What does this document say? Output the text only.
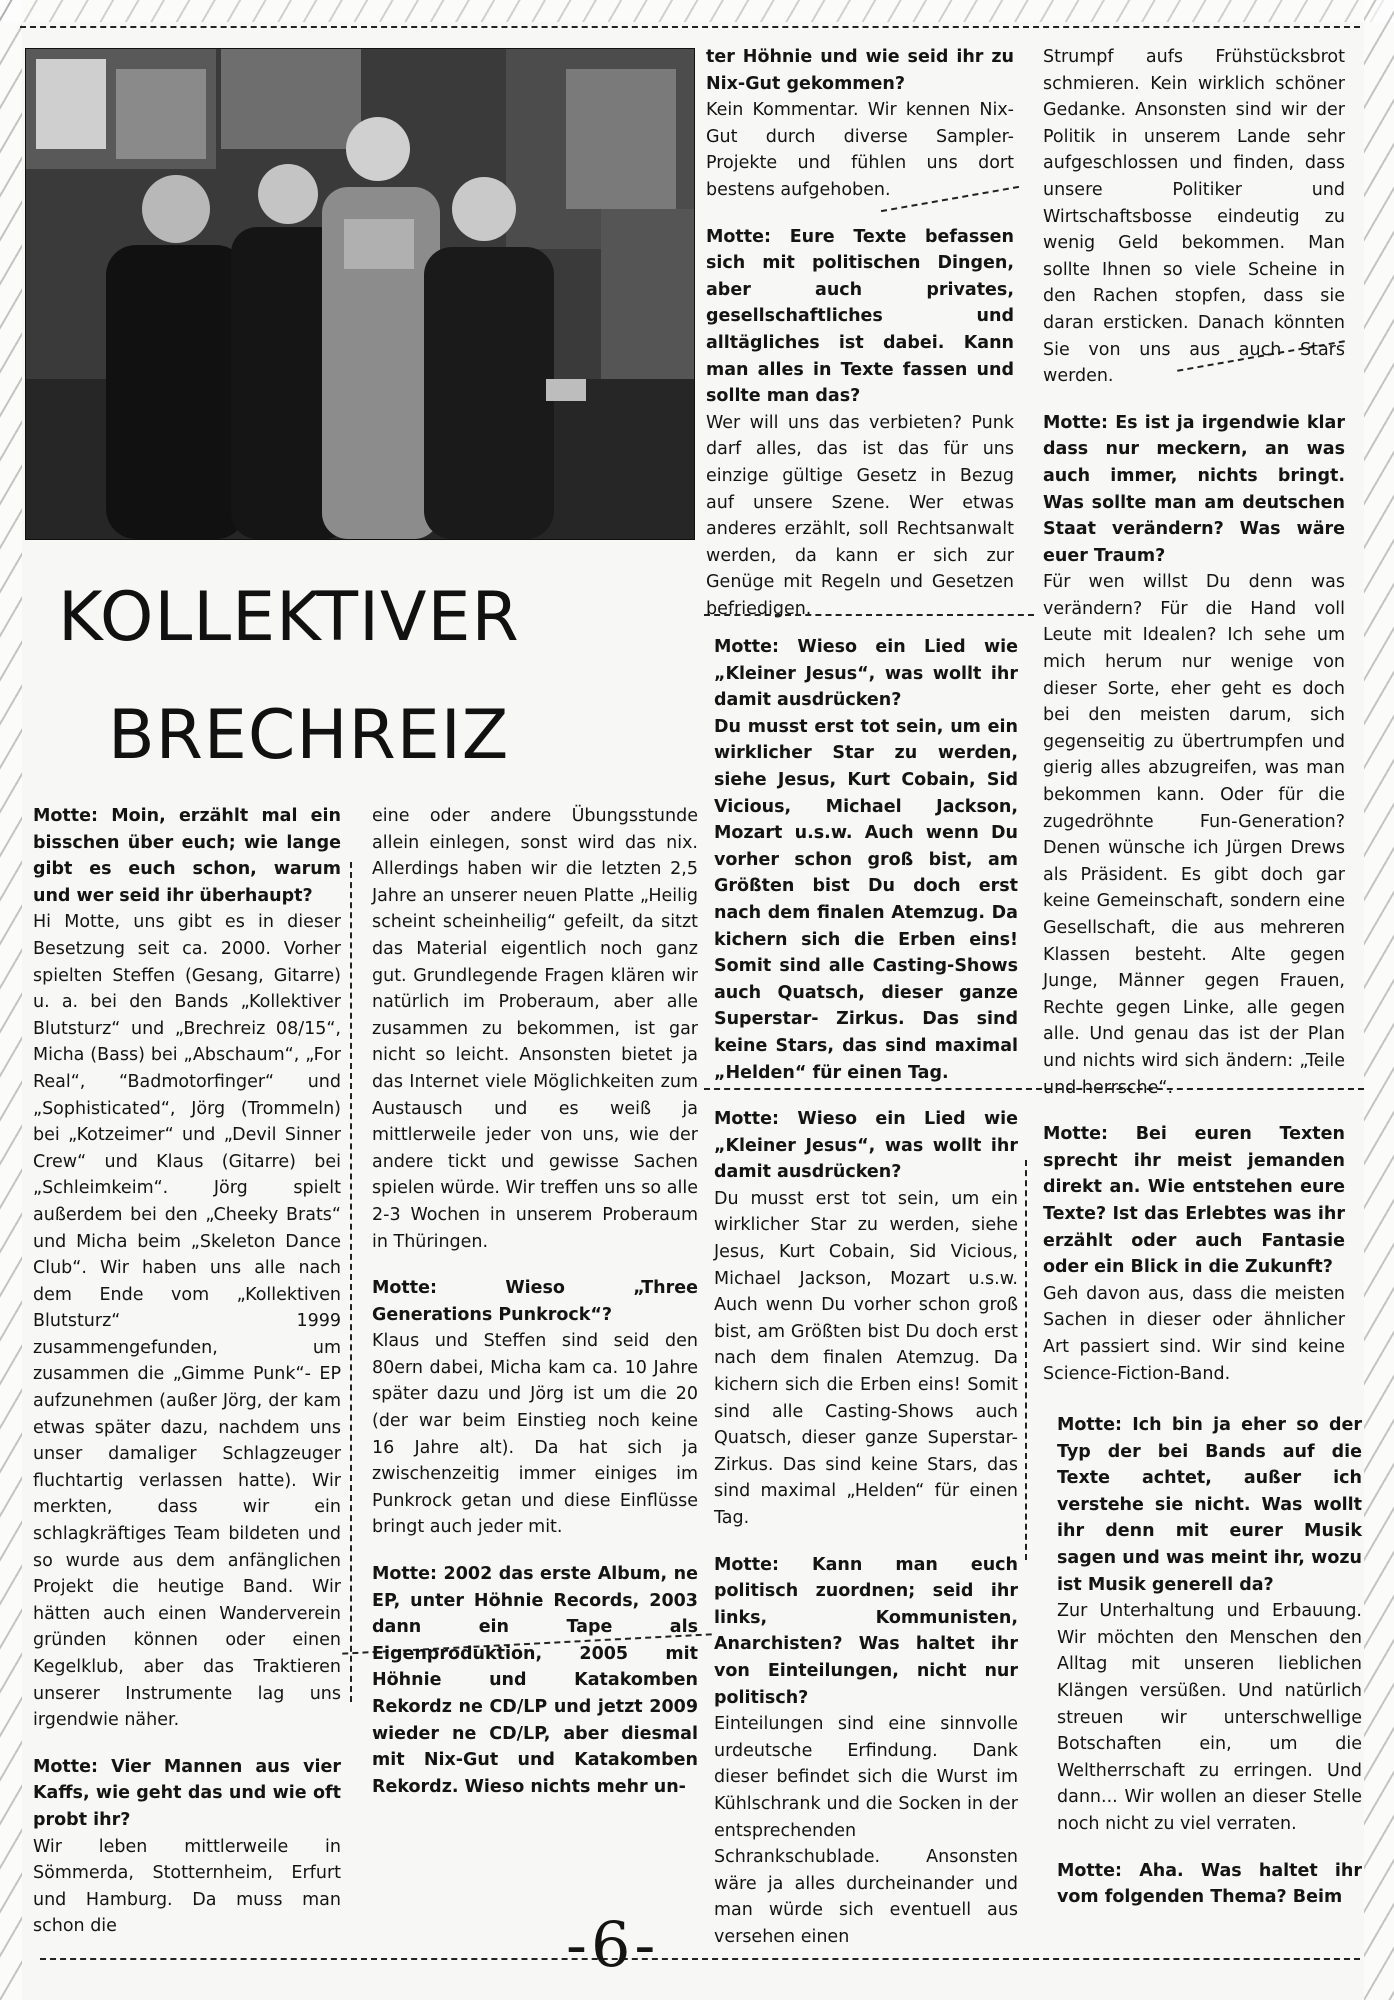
KOLLEKTIVER
BRECHREIZ

Motte: Moin, erzählt mal ein bisschen über euch; wie lange gibt es euch schon, warum und wer seid ihr überhaupt?
Hi Motte, uns gibt es in dieser Besetzung seit ca. 2000. Vorher spielten Steffen (Gesang, Gitarre) u. a. bei den Bands „Kollektiver Blutsturz“ und „Brechreiz 08/15“, Micha (Bass) bei „Abschaum“, „For Real“, “Badmotorfinger“ und „Sophisticated“, Jörg (Trommeln) bei „Kotzeimer“ und „Devil Sinner Crew“ und Klaus (Gitarre) bei „Schleimkeim“. Jörg spielt außerdem bei den „Cheeky Brats“ und Micha beim „Skeleton Dance Club“. Wir haben uns alle nach dem Ende vom „Kollektiven Blutsturz“ 1999 zusammengefunden, um zusammen die „Gimme Punk“- EP aufzunehmen (außer Jörg, der kam etwas später dazu, nachdem uns unser damaliger Schlagzeuger fluchtartig verlassen hatte). Wir merkten, dass wir ein schlagkräftiges Team bildeten und so wurde aus dem anfänglichen Projekt die heutige Band. Wir hätten auch einen Wanderverein gründen können oder einen Kegelklub, aber das Traktieren unserer Instrumente lag uns irgendwie näher.

Motte: Vier Mannen aus vier Kaffs, wie geht das und wie oft probt ihr?
Wir leben mittlerweile in Sömmerda, Stotternheim, Erfurt und Hamburg. Da muss man schon die

eine oder andere Übungsstunde allein einlegen, sonst wird das nix. Allerdings haben wir die letzten 2,5 Jahre an unserer neuen Platte „Heilig scheint scheinheilig“ gefeilt, da sitzt das Material eigentlich noch ganz gut. Grundlegende Fragen klären wir natürlich im Proberaum, aber alle zusammen zu bekommen, ist gar nicht so leicht. Ansonsten bietet ja das Internet viele Möglichkeiten zum Austausch und es weiß ja mittlerweile jeder von uns, wie der andere tickt und gewisse Sachen spielen würde. Wir treffen uns so alle 2-3 Wochen in unserem Proberaum in Thüringen.

Motte: Wieso „Three Generations Punkrock“?
Klaus und Steffen sind seid den 80ern dabei, Micha kam ca. 10 Jahre später dazu und Jörg ist um die 20 (der war beim Einstieg noch keine 16 Jahre alt). Da hat sich ja zwischenzeitig immer einiges im Punkrock getan und diese Einflüsse bringt auch jeder mit.

Motte: 2002 das erste Album, ne EP, unter Höhnie Records, 2003 dann ein Tape als Eigenproduktion, 2005 mit Höhnie und Katakomben Rekordz ne CD/LP und jetzt 2009 wieder ne CD/LP, aber diesmal mit Nix-Gut und Katakomben Rekordz. Wieso nichts mehr un-

ter Höhnie und wie seid ihr zu Nix-Gut gekommen?
Kein Kommentar. Wir kennen Nix-Gut durch diverse Sampler-Projekte und fühlen uns dort bestens aufgehoben.

Motte: Eure Texte befassen sich mit politischen Dingen, aber auch privates, gesellschaftliches und alltägliches ist dabei. Kann man alles in Texte fassen und sollte man das?
Wer will uns das verbieten? Punk darf alles, das ist das für uns einzige gültige Gesetz in Bezug auf unsere Szene. Wer etwas anderes erzählt, soll Rechtsanwalt werden, da kann er sich zur Genüge mit Regeln und Gesetzen befriedigen.

Motte: Wieso ein Lied wie „Kleiner Jesus“, was wollt ihr damit ausdrücken?
Du musst erst tot sein, um ein wirklicher Star zu werden, siehe Jesus, Kurt Cobain, Sid Vicious, Michael Jackson, Mozart u.s.w. Auch wenn Du vorher schon groß bist, am Größten bist Du doch erst nach dem finalen Atemzug. Da kichern sich die Erben eins! Somit sind alle Casting-Shows auch Quatsch, dieser ganze Superstar- Zirkus. Das sind keine Stars, das sind maximal „Helden“ für einen Tag.

Motte: Wieso ein Lied wie „Kleiner Jesus“, was wollt ihr damit ausdrücken?
Du musst erst tot sein, um ein wirklicher Star zu werden, siehe Jesus, Kurt Cobain, Sid Vicious, Michael Jackson, Mozart u.s.w. Auch wenn Du vorher schon groß bist, am Größten bist Du doch erst nach dem finalen Atemzug. Da kichern sich die Erben eins! Somit sind alle Casting-Shows auch Quatsch, dieser ganze Superstar- Zirkus. Das sind keine Stars, das sind maximal „Helden“ für einen Tag.

Motte: Kann man euch politisch zuordnen; seid ihr links, Kommunisten, Anarchisten? Was haltet ihr von Einteilungen, nicht nur politisch?
Einteilungen sind eine sinnvolle urdeutsche Erfindung. Dank dieser befindet sich die Wurst im Kühlschrank und die Socken in der entsprechenden Schrankschublade. Ansonsten wäre ja alles durcheinander und man würde sich eventuell aus versehen einen

Strumpf aufs Frühstücksbrot schmieren. Kein wirklich schöner Gedanke. Ansonsten sind wir der Politik in unserem Lande sehr aufgeschlossen und finden, dass unsere Politiker und Wirtschaftsbosse eindeutig zu wenig Geld bekommen. Man sollte Ihnen so viele Scheine in den Rachen stopfen, dass sie daran ersticken. Danach könnten Sie von uns aus auch Stars werden.

Motte: Es ist ja irgendwie klar dass nur meckern, an was auch immer, nichts bringt. Was sollte man am deutschen Staat verändern? Was wäre euer Traum?
Für wen willst Du denn was verändern? Für die Hand voll Leute mit Idealen? Ich sehe um mich herum nur wenige von dieser Sorte, eher geht es doch bei den meisten darum, sich gegenseitig zu übertrumpfen und gierig alles abzugreifen, was man bekommen kann. Oder für die zugedröhnte Fun-Generation? Denen wünsche ich Jürgen Drews als Präsident. Es gibt doch gar keine Gemeinschaft, sondern eine Gesellschaft, die aus mehreren Klassen besteht. Alte gegen Junge, Männer gegen Frauen, Rechte gegen Linke, alle gegen alle. Und genau das ist der Plan und nichts wird sich ändern: „Teile und herrsche“.

Motte: Bei euren Texten sprecht ihr meist jemanden direkt an. Wie entstehen eure Texte? Ist das Erlebtes was ihr erzählt oder auch Fantasie oder ein Blick in die Zukunft?
Geh davon aus, dass die meisten Sachen in dieser oder ähnlicher Art passiert sind. Wir sind keine Science-Fiction-Band.

Motte: Ich bin ja eher so der Typ der bei Bands auf die Texte achtet, außer ich verstehe sie nicht. Was wollt ihr denn mit eurer Musik sagen und was meint ihr, wozu ist Musik generell da?
Zur Unterhaltung und Erbauung. Wir möchten den Menschen den Alltag mit unseren lieblichen Klängen versüßen. Und natürlich streuen wir unterschwellige Botschaften ein, um die Weltherrschaft zu erringen. Und dann... Wir wollen an dieser Stelle noch nicht zu viel verraten.

Motte: Aha. Was haltet ihr vom folgenden Thema? Beim

-6-
